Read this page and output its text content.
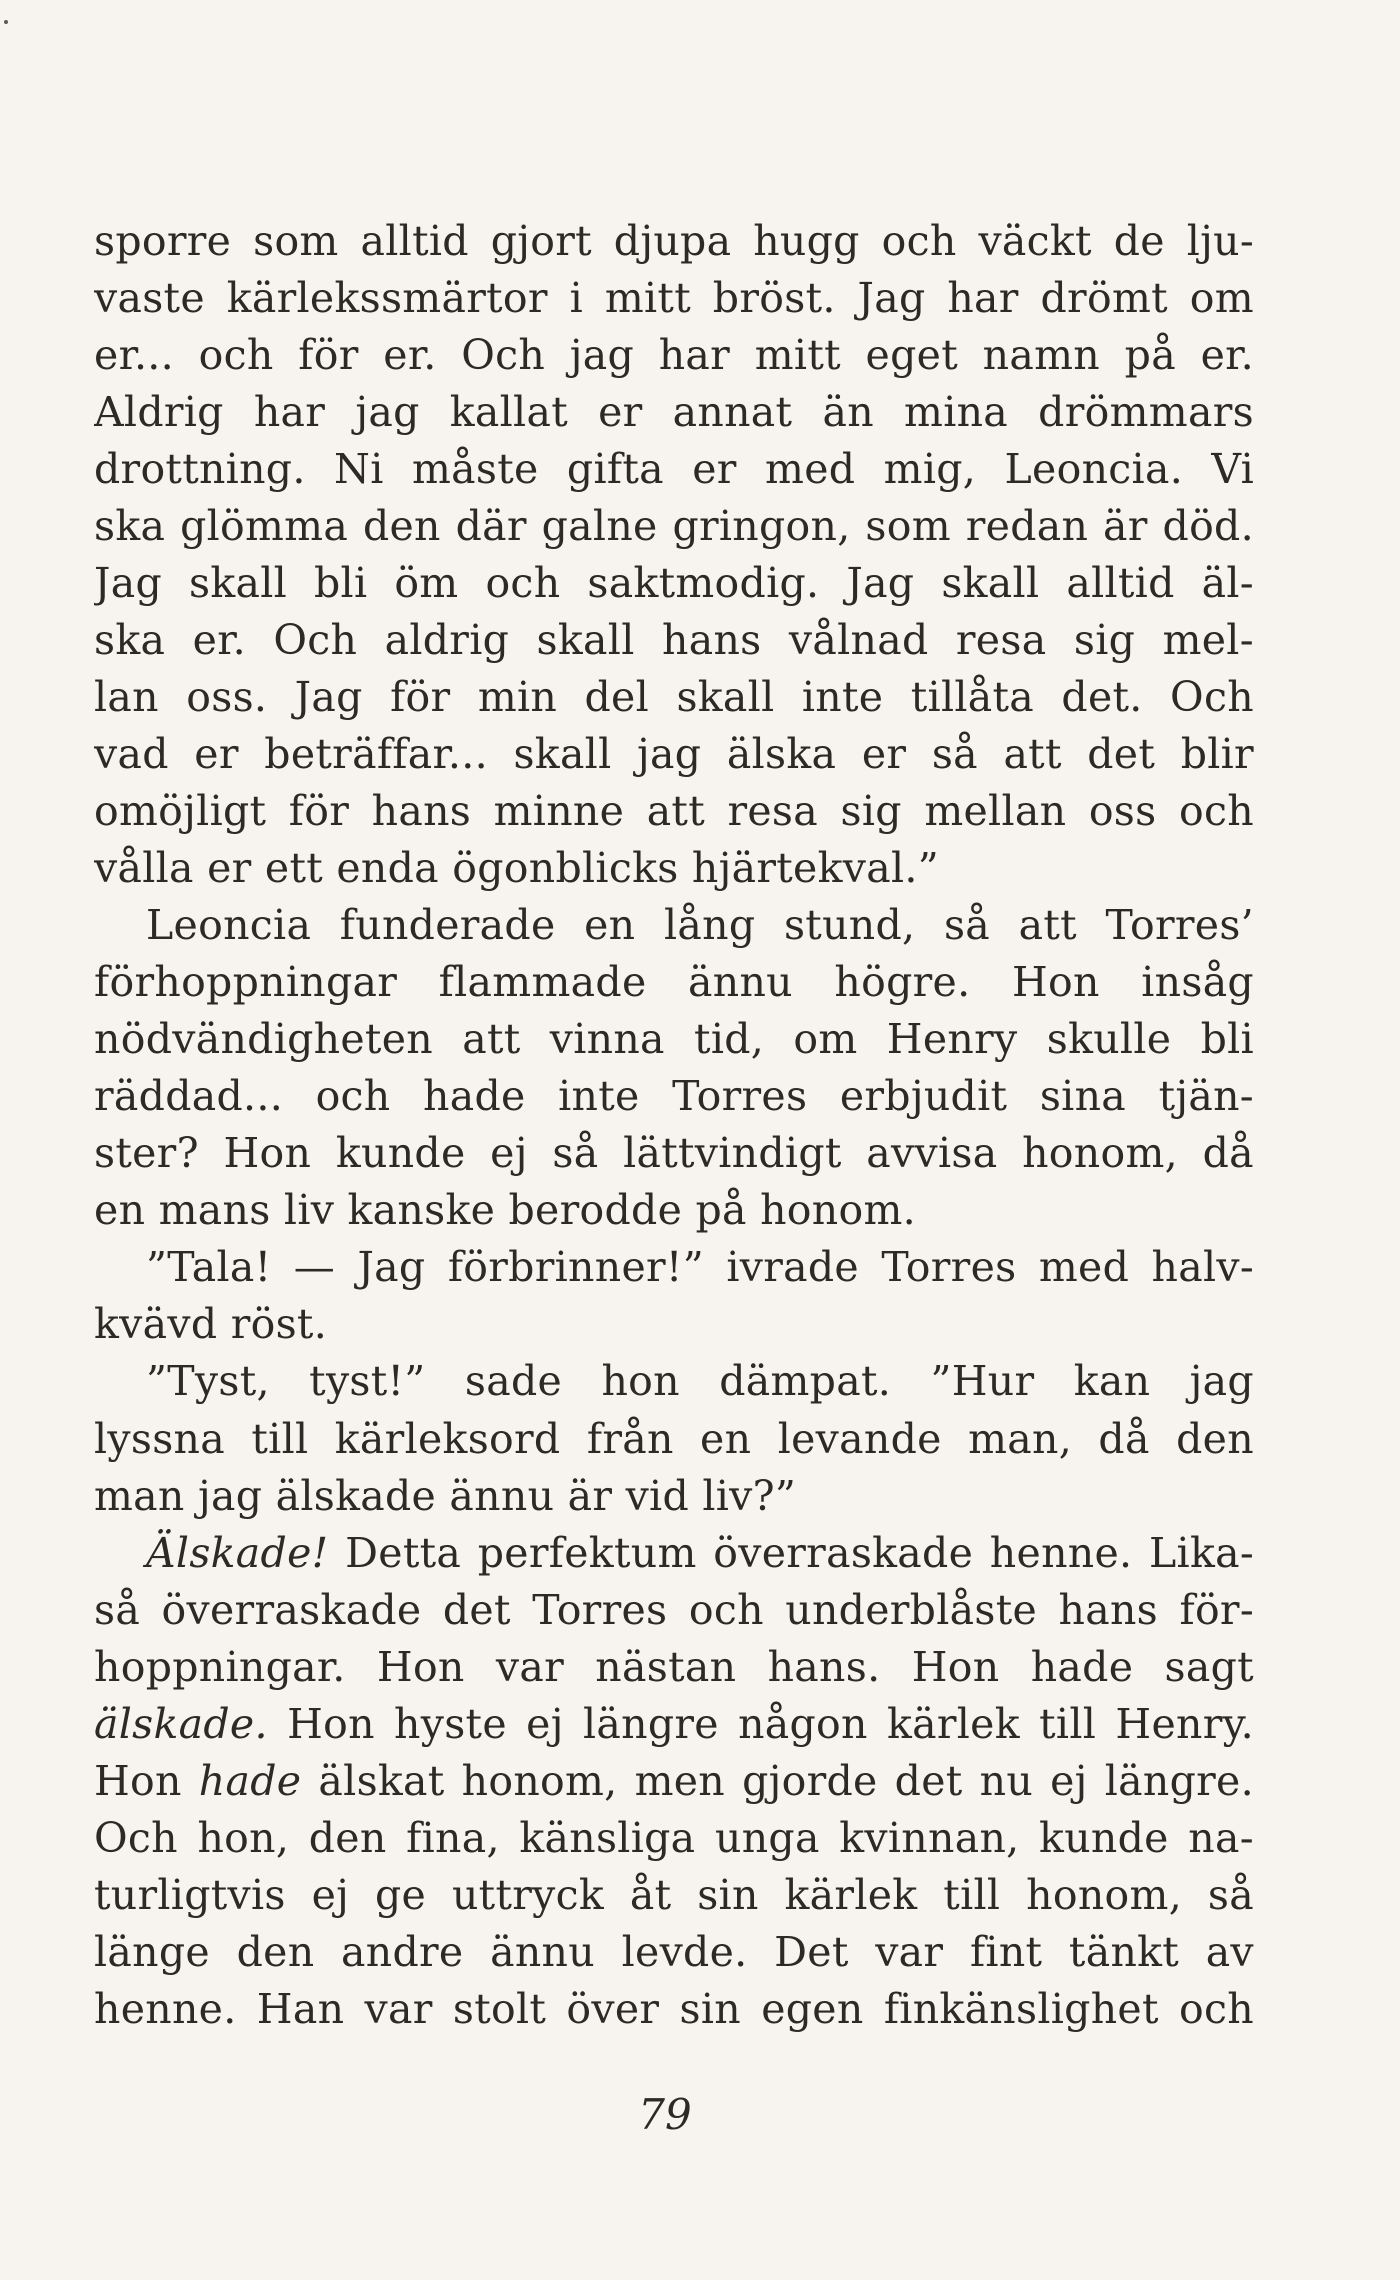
sporre som alltid gjort djupa hugg och väckt de lju-
vaste kärlekssmärtor i mitt bröst. Jag har drömt om
er... och för er. Och jag har mitt eget namn på er.
Aldrig har jag kallat er annat än mina drömmars
drottning. Ni måste gifta er med mig, Leoncia. Vi
ska glömma den där galne gringon, som redan är död.
Jag skall bli öm och saktmodig. Jag skall alltid äl-
ska er. Och aldrig skall hans vålnad resa sig mel-
lan oss. Jag för min del skall inte tillåta det. Och
vad er beträffar... skall jag älska er så att det blir
omöjligt för hans minne att resa sig mellan oss och
vålla er ett enda ögonblicks hjärtekval.”
Leoncia funderade en lång stund, så att Torres’
förhoppningar flammade ännu högre. Hon insåg
nödvändigheten att vinna tid, om Henry skulle bli
räddad... och hade inte Torres erbjudit sina tjän-
ster? Hon kunde ej så lättvindigt avvisa honom, då
en mans liv kanske berodde på honom.
”Tala! — Jag förbrinner!” ivrade Torres med halv-
kvävd röst.
”Tyst, tyst!” sade hon dämpat. ”Hur kan jag
lyssna till kärleksord från en levande man, då den
man jag älskade ännu är vid liv?”
Älskade! Detta perfektum överraskade henne. Lika-
så överraskade det Torres och underblåste hans för-
hoppningar. Hon var nästan hans. Hon hade sagt
älskade. Hon hyste ej längre någon kärlek till Henry.
Hon hade älskat honom, men gjorde det nu ej längre.
Och hon, den fina, känsliga unga kvinnan, kunde na-
turligtvis ej ge uttryck åt sin kärlek till honom, så
länge den andre ännu levde. Det var fint tänkt av
henne. Han var stolt över sin egen finkänslighet och
79
